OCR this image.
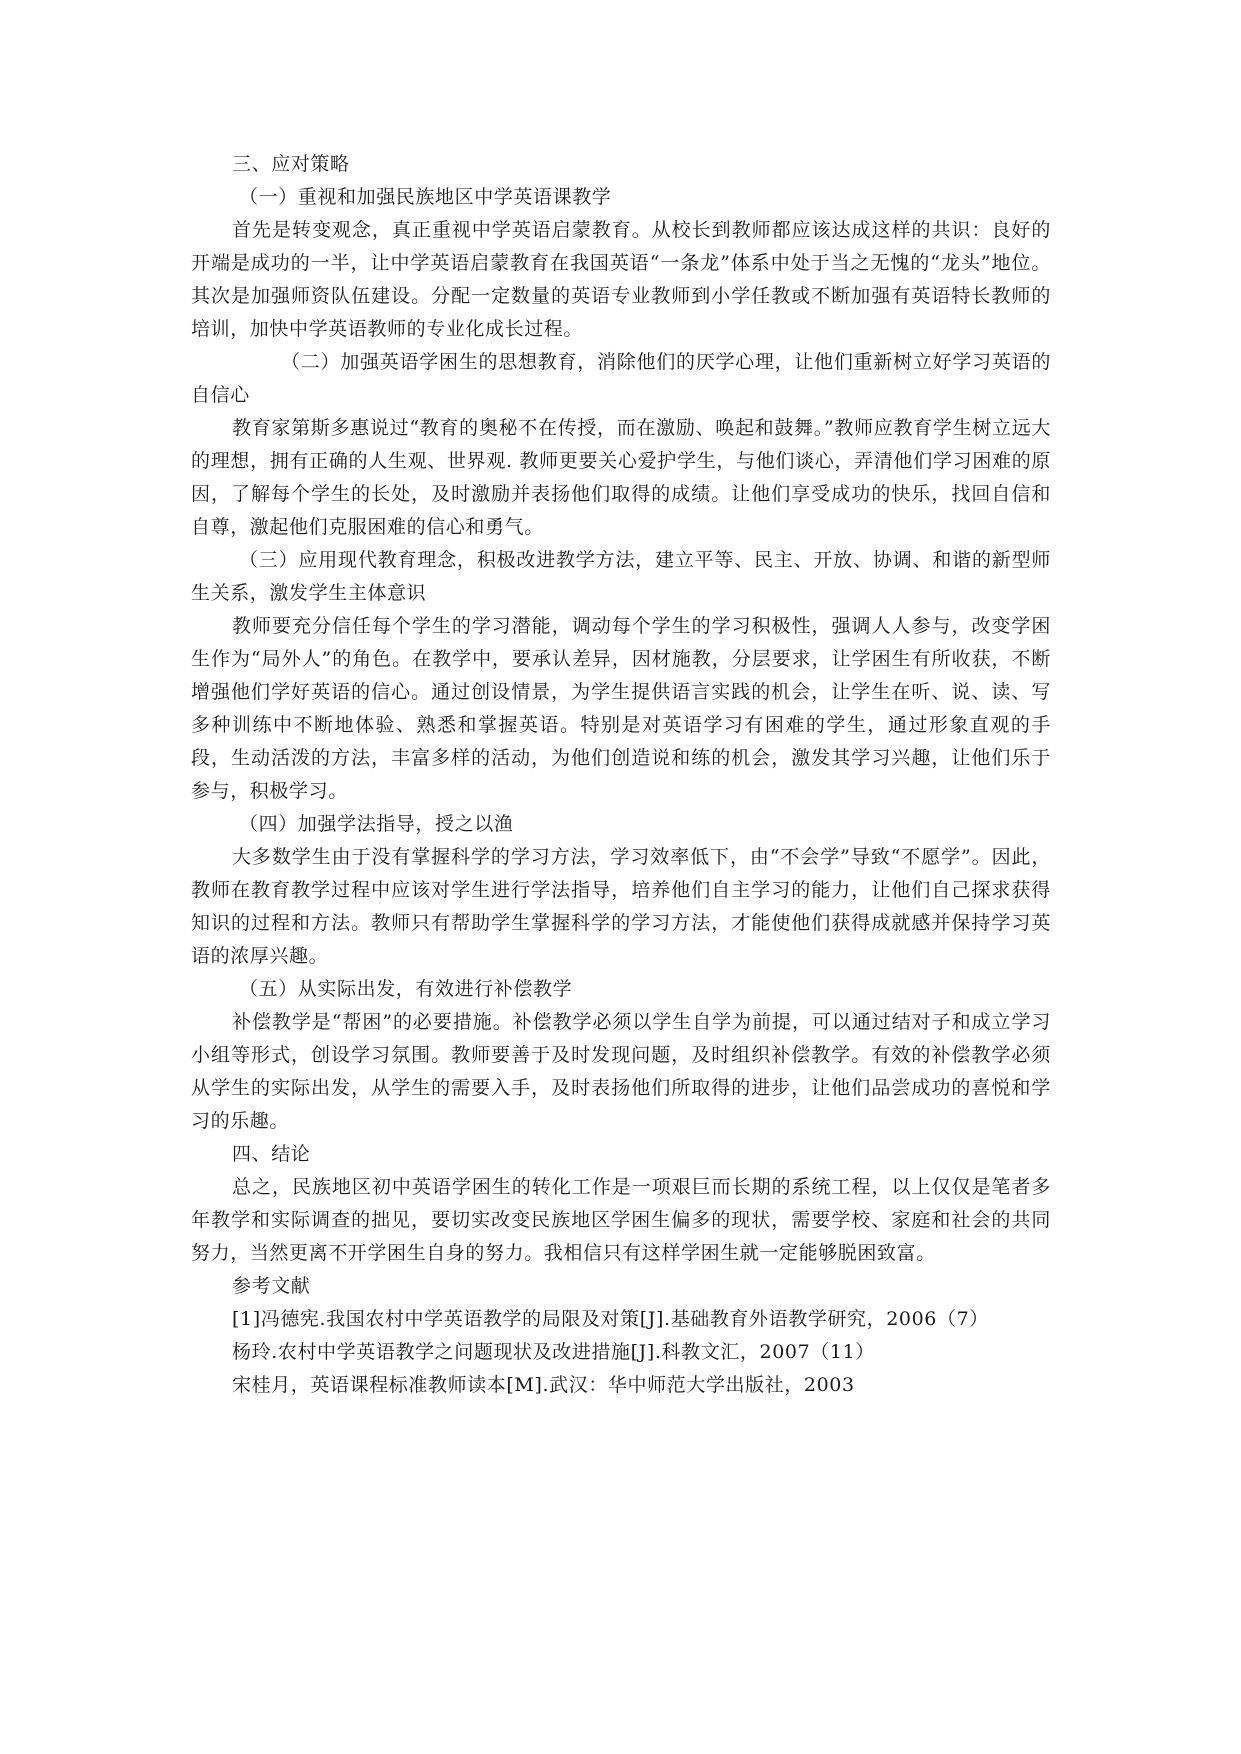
三、应对策略

（一）重视和加强民族地区中学英语课教学

首先是转变观念，真正重视中学英语启蒙教育。从校长到教师都应该达成这样的共识：良好的开端是成功的一半，让中学英语启蒙教育在我国英语“一条龙”体系中处于当之无愧的“龙头”地位。其次是加强师资队伍建设。分配一定数量的英语专业教师到小学任教或不断加强有英语特长教师的培训，加快中学英语教师的专业化成长过程。

（二）加强英语学困生的思想教育，消除他们的厌学心理，让他们重新树立好学习英语的自信心

教育家第斯多惠说过“教育的奥秘不在传授，而在激励、唤起和鼓舞。”教师应教育学生树立远大的理想，拥有正确的人生观、世界观. 教师更要关心爱护学生，与他们谈心，弄清他们学习困难的原因，了解每个学生的长处，及时激励并表扬他们取得的成绩。让他们享受成功的快乐，找回自信和自尊，激起他们克服困难的信心和勇气。

（三）应用现代教育理念，积极改进教学方法，建立平等、民主、开放、协调、和谐的新型师生关系，激发学生主体意识

教师要充分信任每个学生的学习潜能，调动每个学生的学习积极性，强调人人参与，改变学困生作为“局外人”的角色。在教学中，要承认差异，因材施教，分层要求，让学困生有所收获，不断增强他们学好英语的信心。通过创设情景，为学生提供语言实践的机会，让学生在听、说、读、写多种训练中不断地体验、熟悉和掌握英语。特别是对英语学习有困难的学生，通过形象直观的手段，生动活泼的方法，丰富多样的活动，为他们创造说和练的机会，激发其学习兴趣，让他们乐于参与，积极学习。

（四）加强学法指导，授之以渔

大多数学生由于没有掌握科学的学习方法，学习效率低下，由“不会学”导致“不愿学”。因此，教师在教育教学过程中应该对学生进行学法指导，培养他们自主学习的能力，让他们自己探求获得知识的过程和方法。教师只有帮助学生掌握科学的学习方法，才能使他们获得成就感并保持学习英语的浓厚兴趣。

（五）从实际出发，有效进行补偿教学

补偿教学是“帮困”的必要措施。补偿教学必须以学生自学为前提，可以通过结对子和成立学习小组等形式，创设学习氛围。教师要善于及时发现问题，及时组织补偿教学。有效的补偿教学必须从学生的实际出发，从学生的需要入手，及时表扬他们所取得的进步，让他们品尝成功的喜悦和学习的乐趣。

四、结论

总之，民族地区初中英语学困生的转化工作是一项艰巨而长期的系统工程，以上仅仅是笔者多年教学和实际调查的拙见，要切实改变民族地区学困生偏多的现状，需要学校、家庭和社会的共同努力，当然更离不开学困生自身的努力。我相信只有这样学困生就一定能够脱困致富。

参考文献

[1]冯德宪.我国农村中学英语教学的局限及对策[J].基础教育外语教学研究，2006（7）

杨玲.农村中学英语教学之问题现状及改进措施[J].科教文汇，2007（11）

宋桂月，英语课程标准教师读本[M].武汉：华中师范大学出版社，2003
